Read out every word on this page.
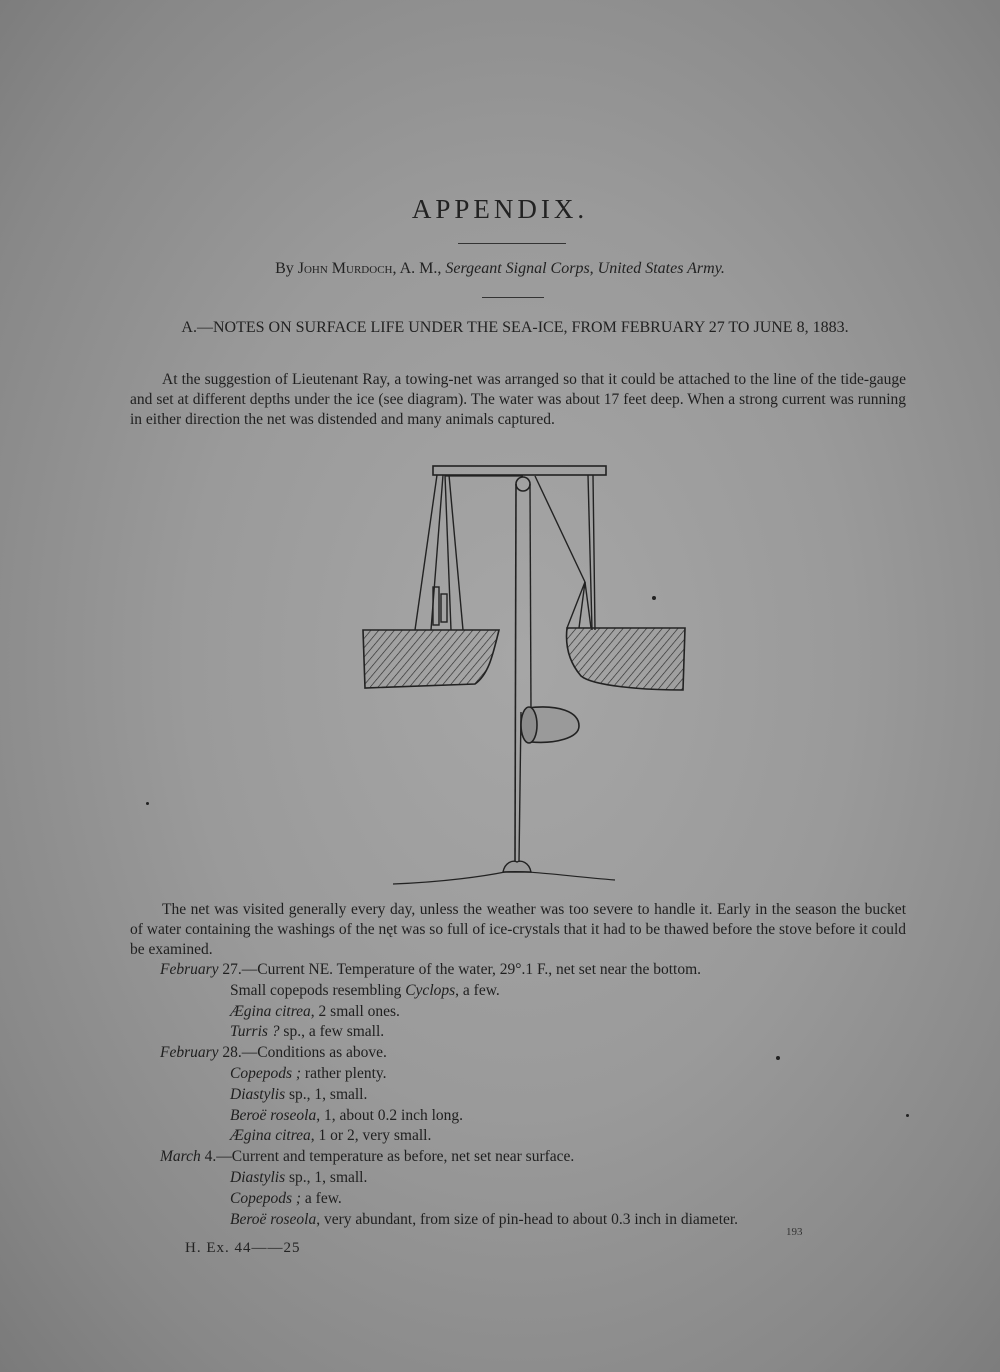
APPENDIX.
By John Murdoch, A. M., Sergeant Signal Corps, United States Army.
A.—NOTES ON SURFACE LIFE UNDER THE SEA-ICE, FROM FEBRUARY 27 TO JUNE 8, 1883.
At the suggestion of Lieutenant Ray, a towing-net was arranged so that it could be attached to the line of the tide-gauge and set at different depths under the ice (see diagram). The water was about 17 feet deep. When a strong current was running in either direction the net was distended and many animals captured.
The net was visited generally every day, unless the weather was too severe to handle it. Early in the season the bucket of water containing the washings of the nęt was so full of ice-crystals that it had to be thawed before the stove before it could be examined.
February 27.—Current NE. Temperature of the water, 29°.1 F., net set near the bottom.
Small copepods resembling Cyclops, a few.
Ægina citrea, 2 small ones.
Turris ? sp., a few small.
February 28.—Conditions as above.
Copepods ; rather plenty.
Diastylis sp., 1, small.
Beroë roseola, 1, about 0.2 inch long.
Ægina citrea, 1 or 2, very small.
March 4.—Current and temperature as before, net set near surface.
Diastylis sp., 1, small.
Copepods ; a few.
Beroë roseola, very abundant, from size of pin-head to about 0.3 inch in diameter.
193
H. Ex. 44——25
